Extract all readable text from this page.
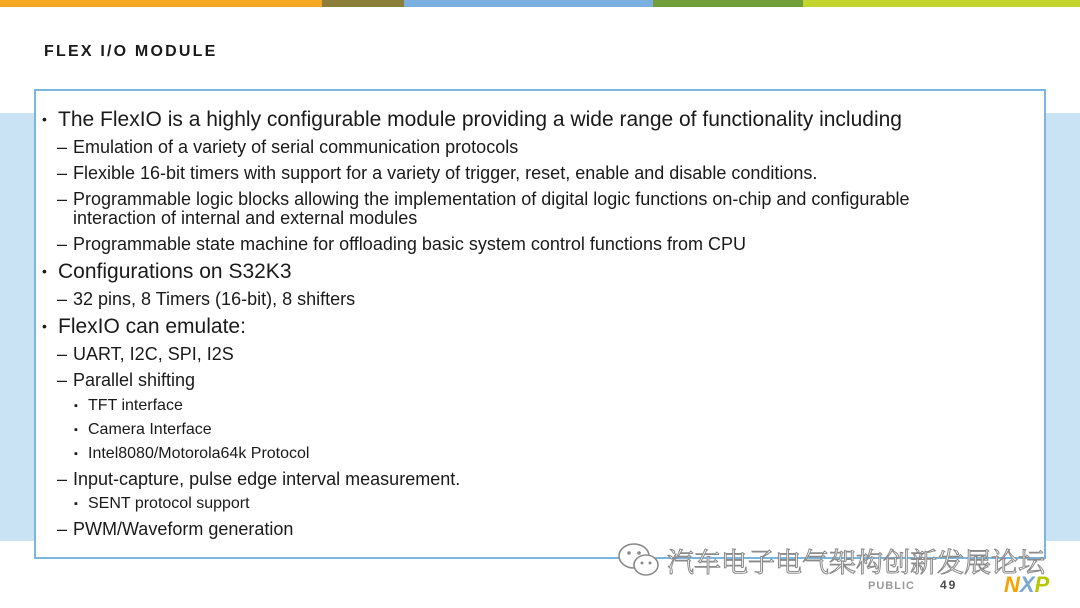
FLEX I/O MODULE
• The FlexIO is a highly configurable module providing a wide range of functionality including
– Emulation of a variety of serial communication protocols
– Flexible 16-bit timers with support for a variety of trigger, reset, enable and disable conditions.
– Programmable logic blocks allowing the implementation of digital logic functions on-chip and configurable
interaction of internal and external modules
– Programmable state machine for offloading basic system control functions from CPU
• Configurations on S32K3
– 32 pins, 8 Timers (16-bit), 8 shifters
• FlexIO can emulate:
– UART, I2C, SPI, I2S
– Parallel shifting
▪ TFT interface
▪ Camera Interface
▪ Intel8080/Motorola64k Protocol
– Input-capture, pulse edge interval measurement.
▪ SENT protocol support
– PWM/Waveform generation
汽车电子电气架构创新发展论坛
PUBLIC 49 N X P
